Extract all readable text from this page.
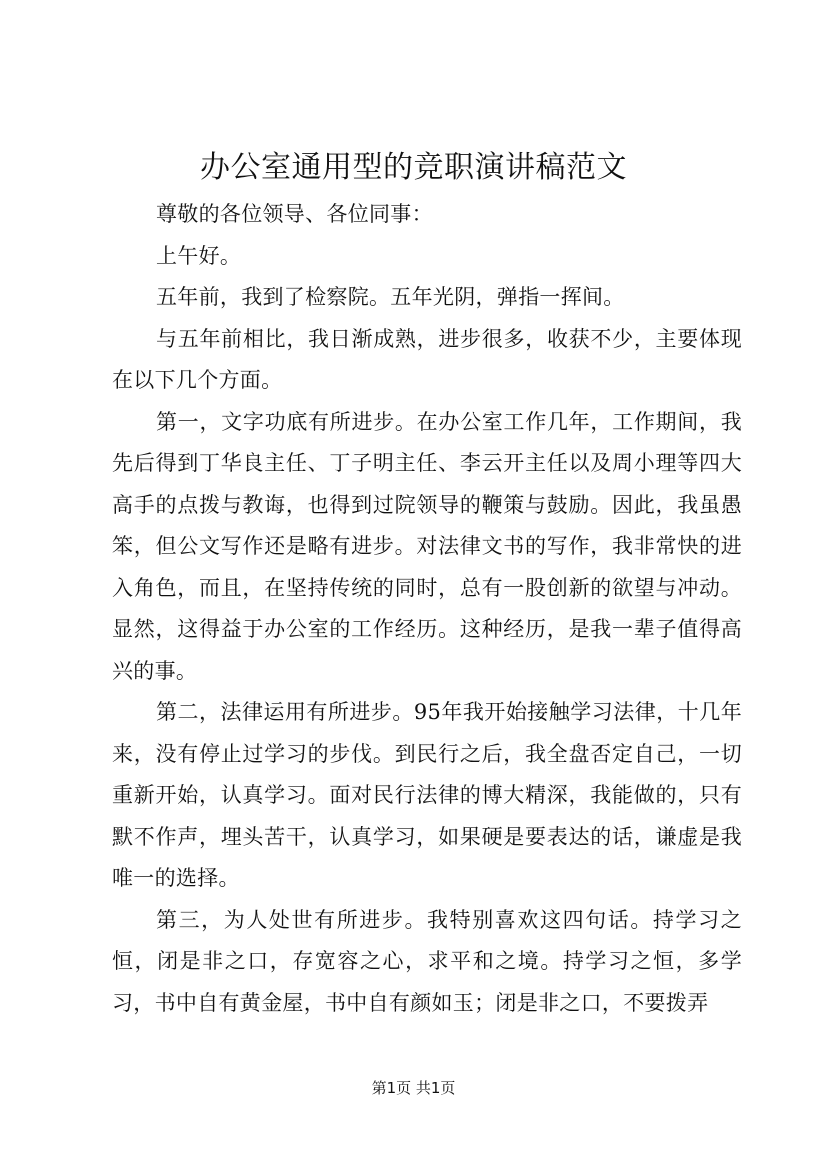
办公室通用型的竞职演讲稿范文

尊敬的各位领导、各位同事：

上午好。

五年前，我到了检察院。五年光阴，弹指一挥间。

与五年前相比，我日渐成熟，进步很多，收获不少，主要体现在以下几个方面。

第一，文字功底有所进步。在办公室工作几年，工作期间，我先后得到丁华良主任、丁子明主任、李云开主任以及周小理等四大高手的点拨与教诲，也得到过院领导的鞭策与鼓励。因此，我虽愚笨，但公文写作还是略有进步。对法律文书的写作，我非常快的进入角色，而且，在坚持传统的同时，总有一股创新的欲望与冲动。显然，这得益于办公室的工作经历。这种经历，是我一辈子值得高兴的事。

第二，法律运用有所进步。95年我开始接触学习法律，十几年来，没有停止过学习的步伐。到民行之后，我全盘否定自己，一切重新开始，认真学习。面对民行法律的博大精深，我能做的，只有默不作声，埋头苦干，认真学习，如果硬是要表达的话，谦虚是我唯一的选择。

第三，为人处世有所进步。我特别喜欢这四句话。持学习之恒，闭是非之口，存宽容之心，求平和之境。持学习之恒，多学习，书中自有黄金屋，书中自有颜如玉；闭是非之口，不要拨弄

第1页 共1页
